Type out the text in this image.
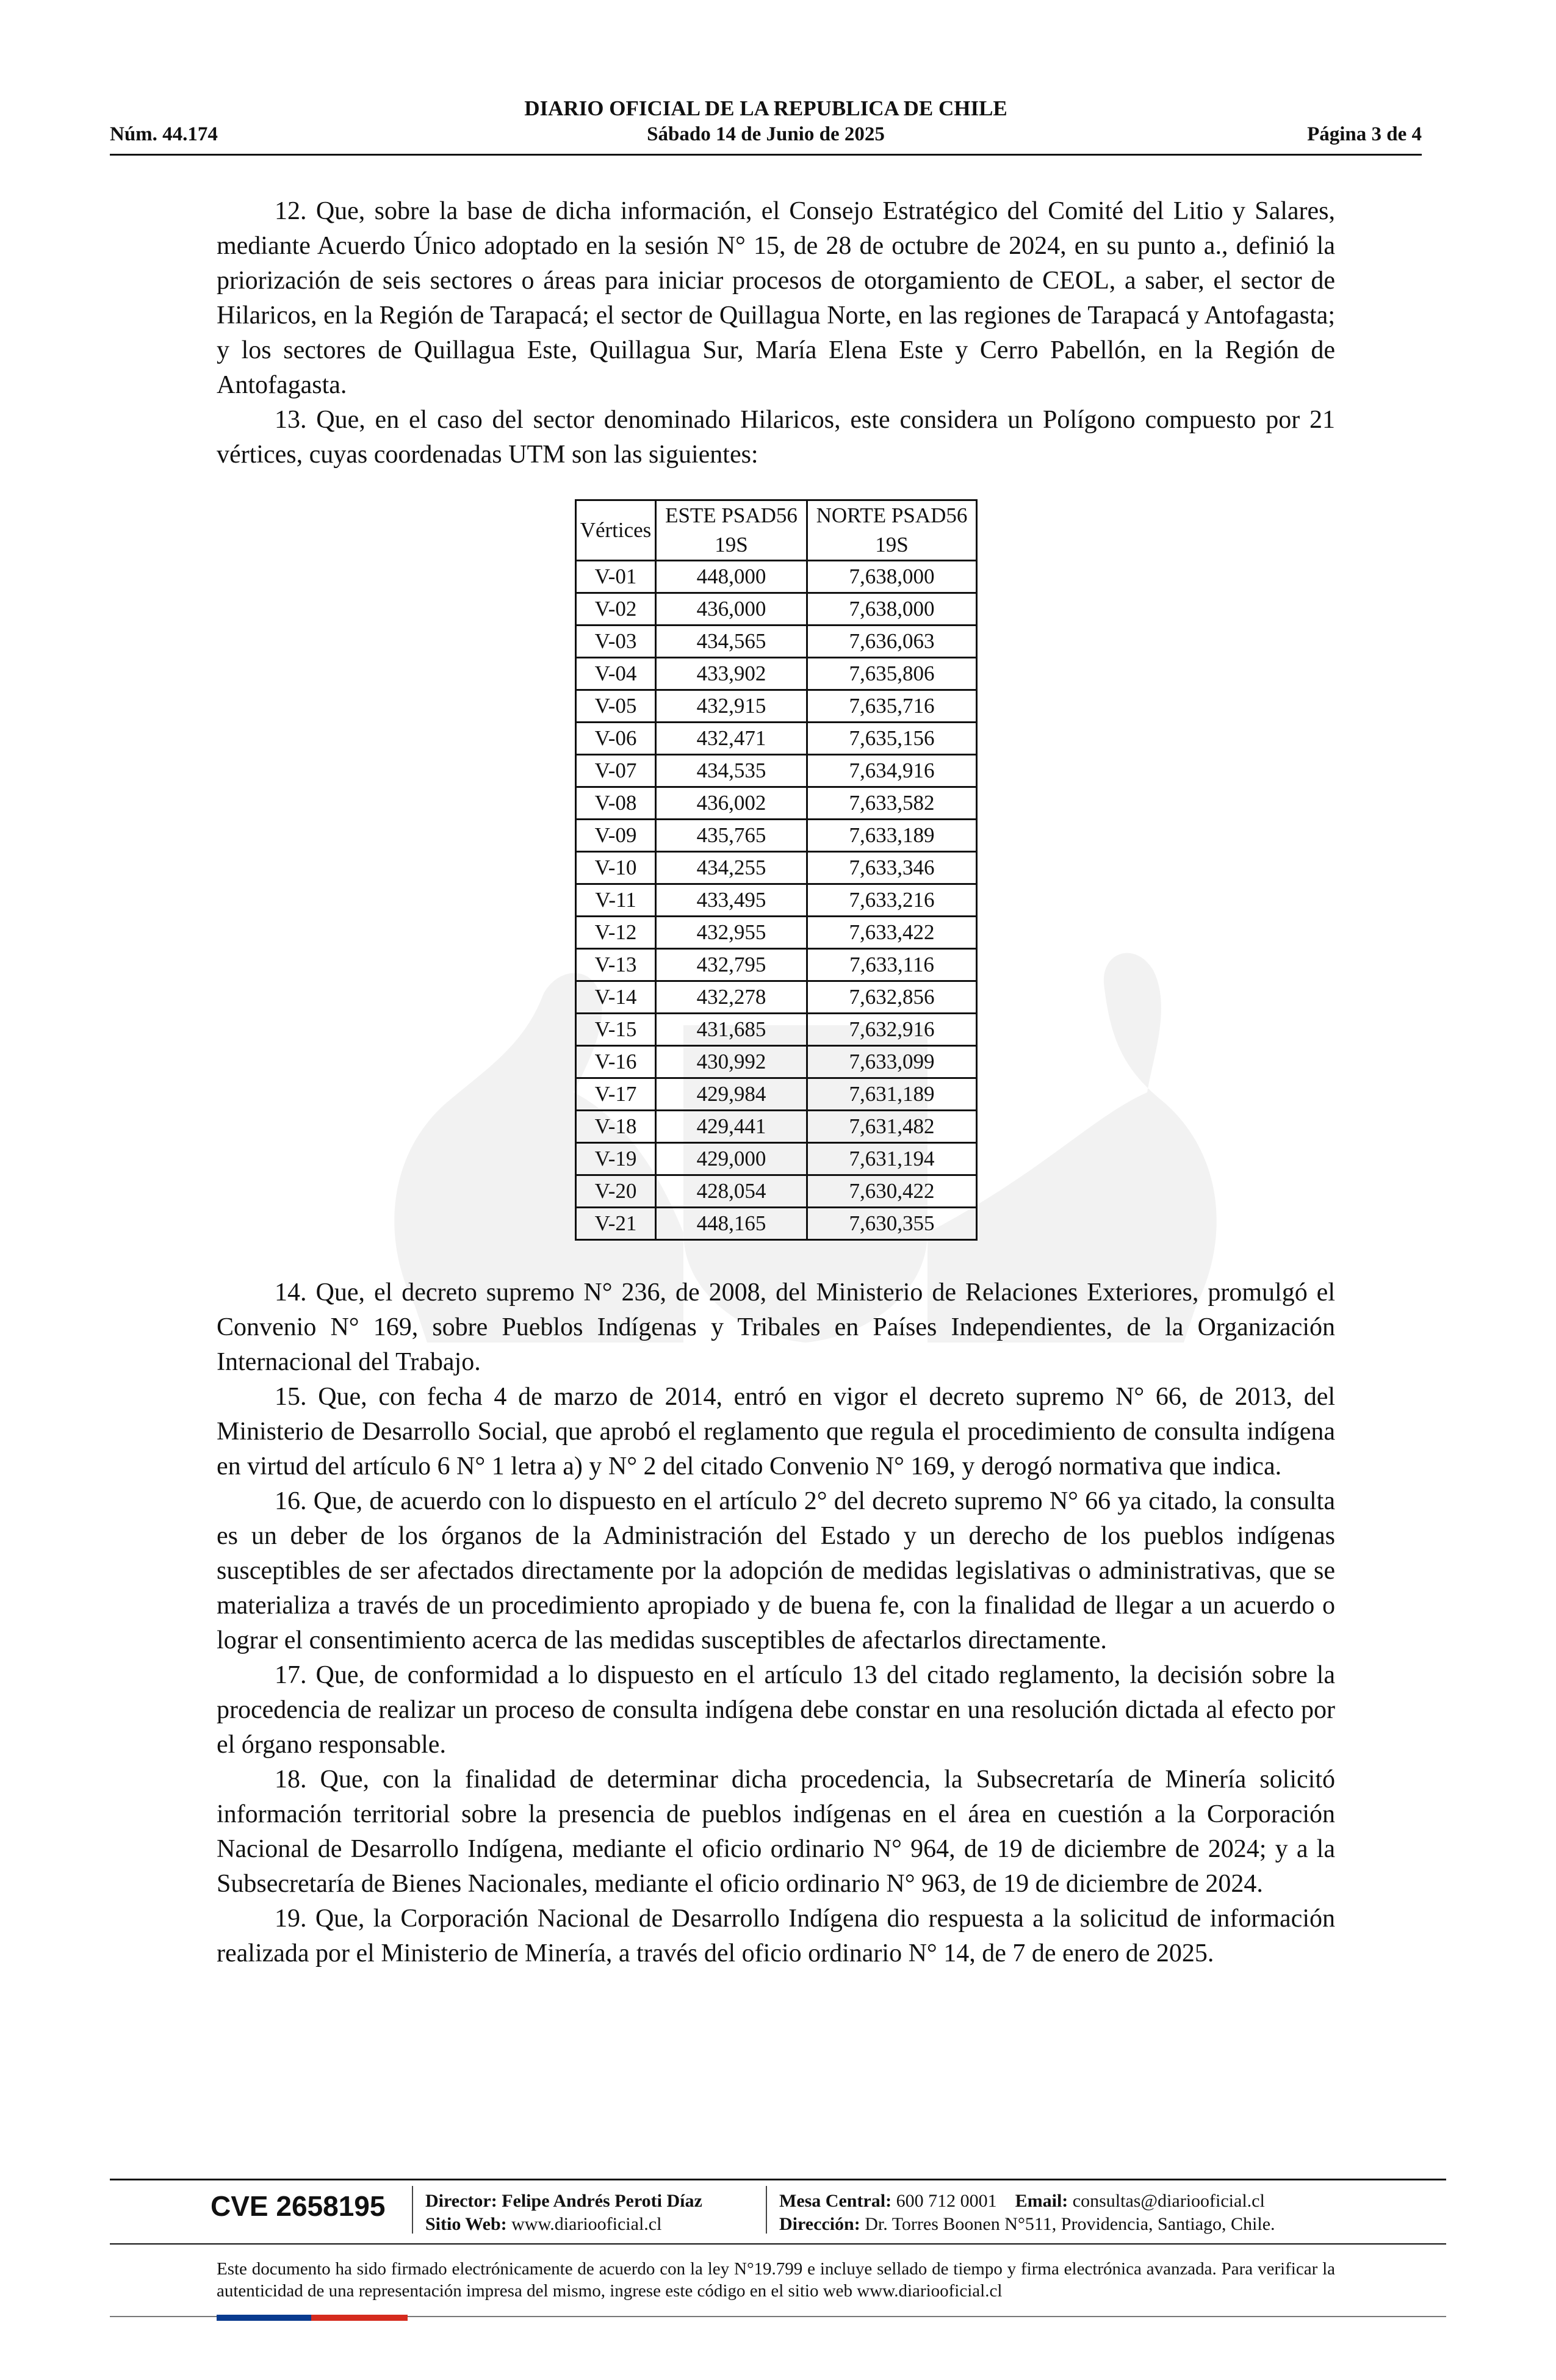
DIARIO OFICIAL DE LA REPUBLICA DE CHILE
Núm. 44.174	Sábado 14 de Junio de 2025	Página 3 de 4

12. Que, sobre la base de dicha información, el Consejo Estratégico del Comité del Litio y Salares, mediante Acuerdo Único adoptado en la sesión N° 15, de 28 de octubre de 2024, en su punto a., definió la priorización de seis sectores o áreas para iniciar procesos de otorgamiento de CEOL, a saber, el sector de Hilaricos, en la Región de Tarapacá; el sector de Quillagua Norte, en las regiones de Tarapacá y Antofagasta; y los sectores de Quillagua Este, Quillagua Sur, María Elena Este y Cerro Pabellón, en la Región de Antofagasta.

13. Que, en el caso del sector denominado Hilaricos, este considera un Polígono compuesto por 21 vértices, cuyas coordenadas UTM son las siguientes:

Vértices	ESTE PSAD56 19S	NORTE PSAD56 19S
V-01	448,000	7,638,000
V-02	436,000	7,638,000
V-03	434,565	7,636,063
V-04	433,902	7,635,806
V-05	432,915	7,635,716
V-06	432,471	7,635,156
V-07	434,535	7,634,916
V-08	436,002	7,633,582
V-09	435,765	7,633,189
V-10	434,255	7,633,346
V-11	433,495	7,633,216
V-12	432,955	7,633,422
V-13	432,795	7,633,116
V-14	432,278	7,632,856
V-15	431,685	7,632,916
V-16	430,992	7,633,099
V-17	429,984	7,631,189
V-18	429,441	7,631,482
V-19	429,000	7,631,194
V-20	428,054	7,630,422
V-21	448,165	7,630,355

14. Que, el decreto supremo N° 236, de 2008, del Ministerio de Relaciones Exteriores, promulgó el Convenio N° 169, sobre Pueblos Indígenas y Tribales en Países Independientes, de la Organización Internacional del Trabajo.

15. Que, con fecha 4 de marzo de 2014, entró en vigor el decreto supremo N° 66, de 2013, del Ministerio de Desarrollo Social, que aprobó el reglamento que regula el procedimiento de consulta indígena en virtud del artículo 6 N° 1 letra a) y N° 2 del citado Convenio N° 169, y derogó normativa que indica.

16. Que, de acuerdo con lo dispuesto en el artículo 2° del decreto supremo N° 66 ya citado, la consulta es un deber de los órganos de la Administración del Estado y un derecho de los pueblos indígenas susceptibles de ser afectados directamente por la adopción de medidas legislativas o administrativas, que se materializa a través de un procedimiento apropiado y de buena fe, con la finalidad de llegar a un acuerdo o lograr el consentimiento acerca de las medidas susceptibles de afectarlos directamente.

17. Que, de conformidad a lo dispuesto en el artículo 13 del citado reglamento, la decisión sobre la procedencia de realizar un proceso de consulta indígena debe constar en una resolución dictada al efecto por el órgano responsable.

18. Que, con la finalidad de determinar dicha procedencia, la Subsecretaría de Minería solicitó información territorial sobre la presencia de pueblos indígenas en el área en cuestión a la Corporación Nacional de Desarrollo Indígena, mediante el oficio ordinario N° 964, de 19 de diciembre de 2024; y a la Subsecretaría de Bienes Nacionales, mediante el oficio ordinario N° 963, de 19 de diciembre de 2024.

19. Que, la Corporación Nacional de Desarrollo Indígena dio respuesta a la solicitud de información realizada por el Ministerio de Minería, a través del oficio ordinario N° 14, de 7 de enero de 2025.

CVE 2658195 Director: Felipe Andrés Peroti Díaz
Sitio Web: www.diariooficial.cl
Mesa Central: 600 712 0001 Email: consultas@diariooficial.cl
Dirección: Dr. Torres Boonen N°511, Providencia, Santiago, Chile.
Este documento ha sido firmado electrónicamente de acuerdo con la ley N°19.799 e incluye sellado de tiempo y firma electrónica avanzada. Para verificar la autenticidad de una representación impresa del mismo, ingrese este código en el sitio web www.diariooficial.cl
